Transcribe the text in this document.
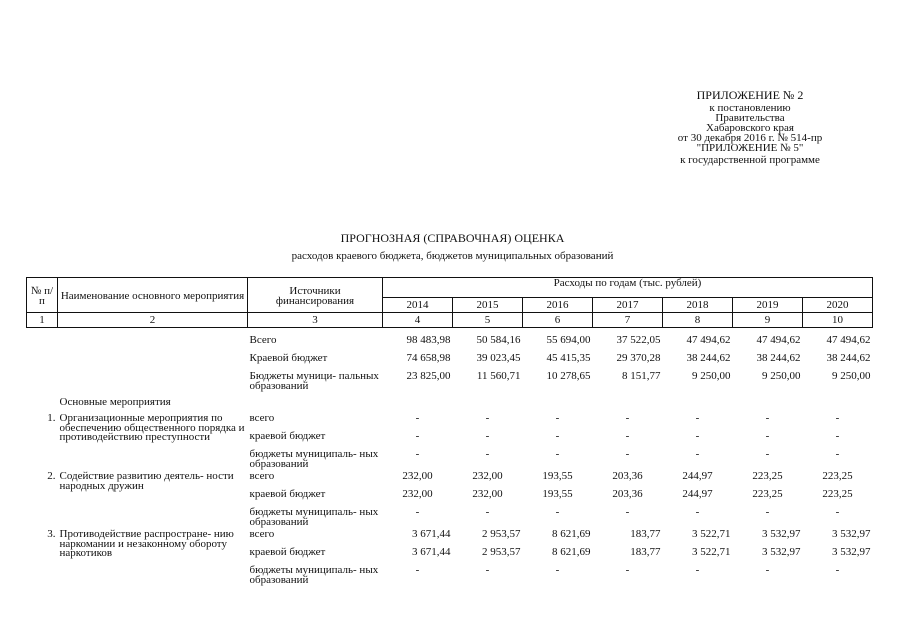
ПРИЛОЖЕНИЕ № 2
к постановлению
Правительства
Хабаровского края
от 30 декабря 2016 г. № 514-пр
"ПРИЛОЖЕНИЕ № 5"
к государственной программе
ПРОГНОЗНАЯ (СПРАВОЧНАЯ) ОЦЕНКА
расходов краевого бюджета, бюджетов муниципальных образований
№ п/п	Наименование основного мероприятия	Источники финансирования	Расходы по годам (тыс. рублей)						
			2014	2015	2016	2017	2018	2019	2020
1	2	3	4	5	6	7	8	9	10

		Всего	98 483,98	50 584,16	55 694,00	37 522,05	47 494,62	47 494,62	47 494,62
		Краевой бюджет	74 658,98	39 023,45	45 415,35	29 370,28	38 244,62	38 244,62	38 244,62
		Бюджеты муници- пальных образований	23 825,00	11 560,71	10 278,65	8 151,77	9 250,00	9 250,00	9 250,00
	Основные мероприятия								
1.	Организационные мероприятия по обеспечению общественного порядка и противодействию преступности	всего	-	-	-	-	-	-	-
		краевой бюджет	-	-	-	-	-	-	-
		бюджеты муниципаль- ных образований	-	-	-	-	-	-	-
2.	Содействие развитию деятель- ности народных дружин	всего	232,00	232,00	193,55	203,36	244,97	223,25	223,25
		краевой бюджет	232,00	232,00	193,55	203,36	244,97	223,25	223,25
		бюджеты муниципаль- ных образований	-	-	-	-	-	-	-
3.	Противодействие распростране- нию наркомании и незаконному обороту наркотиков	всего	3 671,44	2 953,57	8 621,69	183,77	3 522,71	3 532,97	3 532,97
		краевой бюджет	3 671,44	2 953,57	8 621,69	183,77	3 522,71	3 532,97	3 532,97
		бюджеты муниципаль- ных образований	-	-	-	-	-	-	-
